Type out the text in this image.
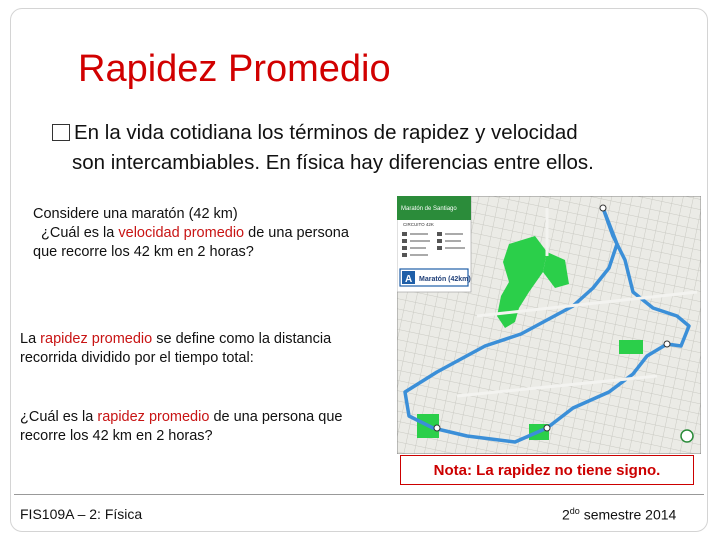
Rapidez Promedio
En la vida cotidiana los términos de rapidez y velocidad
son intercambiables. En física hay diferencias entre ellos.
Considere una maratón (42 km)
¿Cuál es la velocidad promedio de una persona
que recorre los 42 km en 2 horas?
La rapidez promedio se define como la distancia
recorrida dividido por el tiempo total:
¿Cuál es la rapidez promedio de una persona que
recorre los 42 km en 2 horas?
Maratón de Santiago
CIRCUITO 42K
A Maratón (42km)
Nota: La rapidez no tiene signo.
FIS109A – 2: Física	$2^{do}$ semestre 2014
